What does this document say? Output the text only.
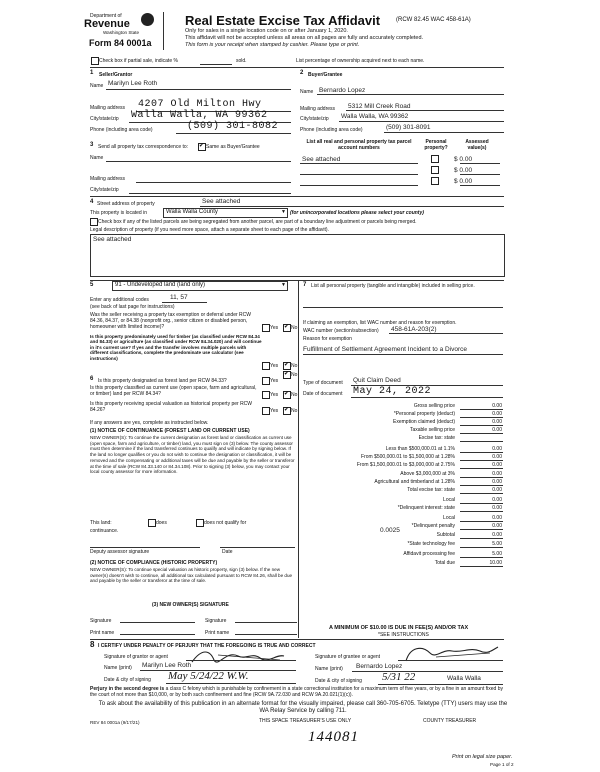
Department of
Revenue
Washington State
Form 84 0001a
Real Estate Excise Tax Affidavit	(RCW 82.45 WAC 458-61A)
Only for sales in a single location code on or after January 1, 2020.
This affidavit will not be accepted unless all areas on all pages are fully and accurately completed.
This form is your receipt when stamped by cashier. Please type or print.
Check box if partial sale, indicate %	sold.	List percentage of ownership acquired next to each name.
1 Seller/Grantor
Name Marilyn Lee Roth
Mailing address 4207 Old Milton Hwy
City/state/zip Walla Walla, WA 99362
Phone (including area code)	(509) 301-8082
2 Buyer/Grantee
Name Bernardo Lopez
Mailing address 5312 Mill Creek Road
City/state/zip Walla Walla, WA 99362
Phone (including area code)	(509) 301-8091
3 Send all property tax correspondence to: ✔	Same as Buyer/Grantee
Name
Mailing address
City/state/zip
List all real and personal property tax parcel account numbers
Personal property?
Assessed value(s)
See attached	$ 0.00
$ 0.00
$ 0.00
4 Street address of property	See attached
This property is located in	Walla Walla County	▼ (for unincorporated locations please select your county)
Check box if any of the listed parcels are being segregated from another parcel, are part of a boundary line adjustment or parcels being merged.
Legal description of property (if you need more space, attach a separate sheet to each page of the affidavit).
See attached
5	91 - Undeveloped land (land only)	▼
Enter any additional codes	11, 57
(see back of last page for instructions)
Was the seller receiving a property tax exemption or deferral under RCW 84.36, 84.37, or 84.38 (nonprofit org., senior citizen or disabled person, homeowner with limited income)?	Yes ✔	No
Is this property predominately used for timber (as classified under RCW 84.34 and 84.33) or agriculture (as classified under RCW 84.34.020) and will continue in it's current use? If yes and the transfer involves multiple parcels with different classifications, complete the predominate use calculator (see instructions)
Yes ✔	No
6 Is this property designated as forest land per RCW 84.33?	Yes
✔
No
Is this property classified as current use (open space, farm and agricultural, or timber) land per RCW 84.34?	Yes ✔	No
Is this property receiving special valuation as historical property per RCW 84.26?	Yes ✔	No
If any answers are yes, complete as instructed below.
(1) NOTICE OF CONTINUANCE (FOREST LAND OR CURRENT USE)
NEW OWNER(S): To continue the current designation as forest land or classification as current use (open space, farm and agriculture, or timber) land, you must sign on (3) below. The county assessor must then determine if the land transferred continues to qualify and will indicate by signing below. If the land no longer qualifies or you do not wish to continue the designation or classification, it will be removed and the compensating or additional taxes will be due and payable by the seller or transferor at the time of sale (RCW 84.33.140 or 84.34.108). Prior to signing (3) below, you may contact your local county assessor for more information.
This land:	does	does not qualify for
continuance.
Deputy assessor signature	Date
(2) NOTICE OF COMPLIANCE (HISTORIC PROPERTY)
NEW OWNER(S): To continue special valuation as historic property, sign (3) below. If the new owner(s) doesn't wish to continue, all additional tax calculated pursuant to RCW 84.26, shall be due and payable by the seller or transferor at the time of sale.
(3) NEW OWNER(S) SIGNATURE
Signature	Signature
Print name	Print name
7 List all personal property (tangible and intangible) included in selling price.
If claiming an exemption, list WAC number and reason for exemption.
WAC number (section/subsection) 458-61A-203(2)
Reason for exemption
Fulfillment of Settlement Agreement Incident to a Divorce
Type of document Quit Claim Deed
Date of document May 24, 2022
Gross selling price	0.00
*Personal property (deduct)	0.00
Exemption claimed (deduct)	0.00
Taxable selling price	0.00
Excise tax: state
Less than $500,000.01 at 1.1%	0.00
From $500,000.01 to $1,500,000 at 1.28%	0.00
From $1,500,000.01 to $3,000,000 at 2.75%	0.00
Above $3,000,000 at 3%	0.00
Agricultural and timberland at 1.28%	0.00
Total excise tax: state	0.00
Local	0.00
*Delinquent interest: state	0.00
Local	0.00
*Delinquent penalty	0.00
Subtotal	0.00
*State technology fee	5.00
Affidavit processing fee	5.00
Total due	10.00
0.0025
A MINIMUM OF $10.00 IS DUE IN FEE(S) AND/OR TAX
*SEE INSTRUCTIONS
8 I CERTIFY UNDER PENALTY OF PERJURY THAT THE FOREGOING IS TRUE AND CORRECT
Signature of grantor or agent
Name (print) Marilyn Lee Roth
Date & city of signing May 5/24/22 W.W.
Signature of grantee or agent
Name (print) Bernardo Lopez
Date & city of signing 5/31 22	Walla Walla
Perjury in the second degree is a class C felony which is punishable by confinement in a state correctional institution for a maximum term of five years, or by a fine in an amount fixed by the court of not more than $10,000, or by both such confinement and fine (RCW 9A.72.030 and RCW 9A.20.021(1)(c)).
To ask about the availability of this publication in an alternate format for the visually impaired, please call 360-705-6705. Teletype (TTY) users may use the WA Relay Service by calling 711.
REV 84 0001a (9/17/21)	THIS SPACE TREASURER'S USE ONLY	COUNTY TREASURER
144081
Print on legal size paper.
Page 1 of 2
